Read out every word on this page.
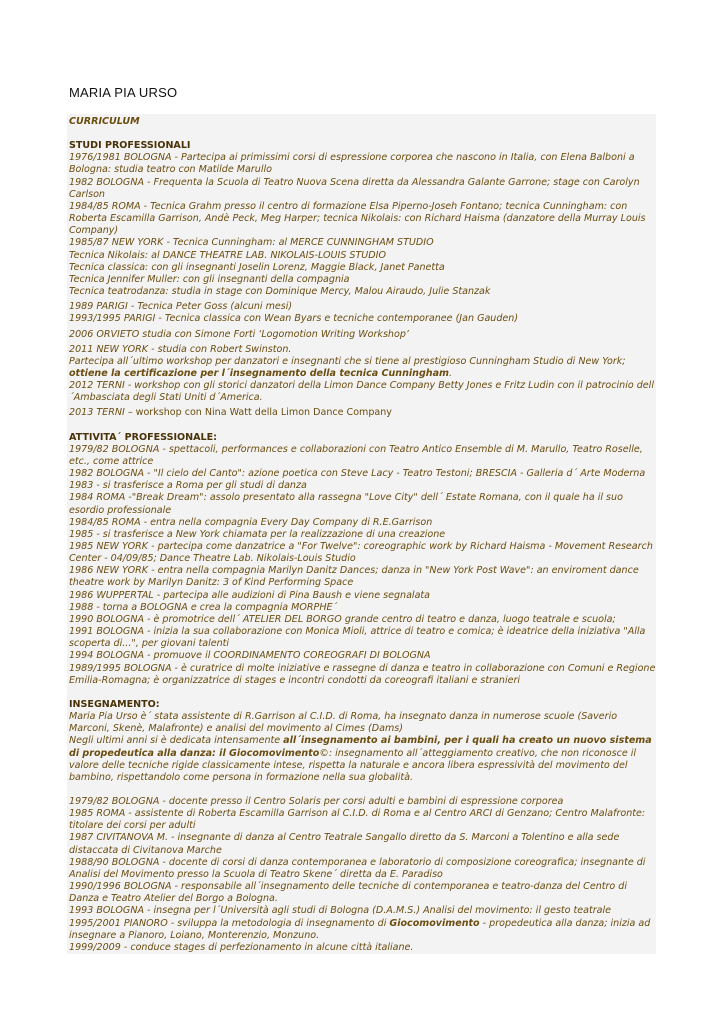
MARIA PIA URSO

CURRICULUM

STUDI PROFESSIONALI

1976/1981 BOLOGNA - Partecipa ai primissimi corsi di espressione corporea che nascono in Italia, con Elena Balboni a Bologna: studia teatro con Matilde Marullo

1982 BOLOGNA - Frequenta la Scuola di Teatro Nuova Scena diretta da Alessandra Galante Garrone; stage con Carolyn Carlson

1984/85 ROMA - Tecnica Grahm presso il centro di formazione Elsa Piperno-Joseh Fontano; tecnica Cunningham: con Roberta Escamilla Garrison, Andè Peck, Meg Harper; tecnica Nikolais: con Richard Haisma (danzatore della Murray Louis Company)

1985/87 NEW YORK - Tecnica Cunningham: al MERCE CUNNINGHAM STUDIO

Tecnica Nikolais: al DANCE THEATRE LAB. NIKOLAIS-LOUIS STUDIO

Tecnica classica: con gli insegnanti Joselin Lorenz, Maggie Black, Janet Panetta

Tecnica Jennifer Muller: con gli insegnanti della compagnia

Tecnica teatrodanza: studia in stage con Dominique Mercy, Malou Airaudo, Julie Stanzak

1989 PARIGI - Tecnica Peter Goss (alcuni mesi)

1993/1995 PARIGI - Tecnica classica con Wean Byars e tecniche contemporanee (Jan Gauden)

2006 ORVIETO studia con Simone Forti ‘Logomotion Writing Workshop’

2011 NEW YORK - studia con Robert Swinston.

Partecipa all´ultimo workshop per danzatori e insegnanti che si tiene al prestigioso Cunningham Studio di New York; ottiene la certificazione per l´insegnamento della tecnica Cunningham.

2012 TERNI - workshop con gli storici danzatori della Limon Dance Company Betty Jones e Fritz Ludin con il patrocinio dell ´Ambasciata degli Stati Uniti d´America.

2013 TERNI – workshop con Nina Watt della Limon Dance Company

ATTIVITA´ PROFESSIONALE:

1979/82 BOLOGNA - spettacoli, performances e collaborazioni con Teatro Antico Ensemble di M. Marullo, Teatro Roselle, etc., come attrice

1982 BOLOGNA - "Il cielo del Canto": azione poetica con Steve Lacy - Teatro Testoni; BRESCIA - Galleria d´ Arte Moderna

1983 - si trasferisce a Roma per gli studi di danza

1984 ROMA -"Break Dream": assolo presentato alla rassegna "Love City" dell´ Estate Romana, con il quale ha il suo esordio professionale

1984/85 ROMA - entra nella compagnia Every Day Company di R.E.Garrison

1985 - si trasferisce a New York chiamata per la realizzazione di una creazione

1985 NEW YORK - partecipa come danzatrice a "For Twelve": coreographic work by Richard Haisma - Movement Research Center - 04/09/85; Dance Theatre Lab. Nikolais-Louis Studio

1986 NEW YORK - entra nella compagnia Marilyn Danitz Dances; danza in "New York Post Wave": an enviroment dance theatre work by Marilyn Danitz: 3 of Kind Performing Space

1986 WUPPERTAL - partecipa alle audizioni di Pina Baush e viene segnalata

1988 - torna a BOLOGNA e crea la compagnia MORPHE´

1990 BOLOGNA - è promotrice dell´ ATELIER DEL BORGO grande centro di teatro e danza, luogo teatrale e scuola;

1991 BOLOGNA - inizia la sua collaborazione con Monica Mioli, attrice di teatro e comica; è ideatrice della iniziativa "Alla scoperta di...", per giovani talenti

1994 BOLOGNA - promuove il COORDINAMENTO COREOGRAFI DI BOLOGNA

1989/1995 BOLOGNA - è curatrice di molte iniziative e rassegne di danza e teatro in collaborazione con Comuni e Regione Emilia-Romagna; è organizzatrice di stages e incontri condotti da coreografi italiani e stranieri

INSEGNAMENTO:

Maria Pia Urso è´ stata assistente di R.Garrison al C.I.D. di Roma, ha insegnato danza in numerose scuole (Saverio Marconi, Skenè, Malafronte) e analisi del movimento al Cimes (Dams)

Negli ultimi anni si è dedicata intensamente all´insegnamento ai bambini, per i quali ha creato un nuovo sistema di propedeutica alla danza: il Giocomovimento©: insegnamento all´atteggiamento creativo, che non riconosce il valore delle tecniche rigide classicamente intese, rispetta la naturale e ancora libera espressività del movimento del bambino, rispettandolo come persona in formazione nella sua globalità.

1979/82 BOLOGNA - docente presso il Centro Solaris per corsi adulti e bambini di espressione corporea

1985 ROMA - assistente di Roberta Escamilla Garrison al C.I.D. di Roma e al Centro ARCI di Genzano; Centro Malafronte: titolare dei corsi per adulti

1987 CIVITANOVA M. - insegnante di danza al Centro Teatrale Sangallo diretto da S. Marconi a Tolentino e alla sede distaccata di Civitanova Marche

1988/90 BOLOGNA - docente di corsi di danza contemporanea e laboratorio di composizione coreografica; insegnante di Analisi del Movimento presso la Scuola di Teatro Skene´ diretta da E. Paradiso

1990/1996 BOLOGNA - responsabile all´insegnamento delle tecniche di contemporanea e teatro-danza del Centro di Danza e Teatro Atelier del Borgo a Bologna.

1993 BOLOGNA - insegna per l´Università agli studi di Bologna (D.A.M.S.) Analisi del movimento: il gesto teatrale

1995/2001 PIANORO - sviluppa la metodologia di insegnamento di Giocomovimento - propedeutica alla danza; inizia ad insegnare a Pianoro, Loiano, Monterenzio, Monzuno.

1999/2009 - conduce stages di perfezionamento in alcune città italiane.
